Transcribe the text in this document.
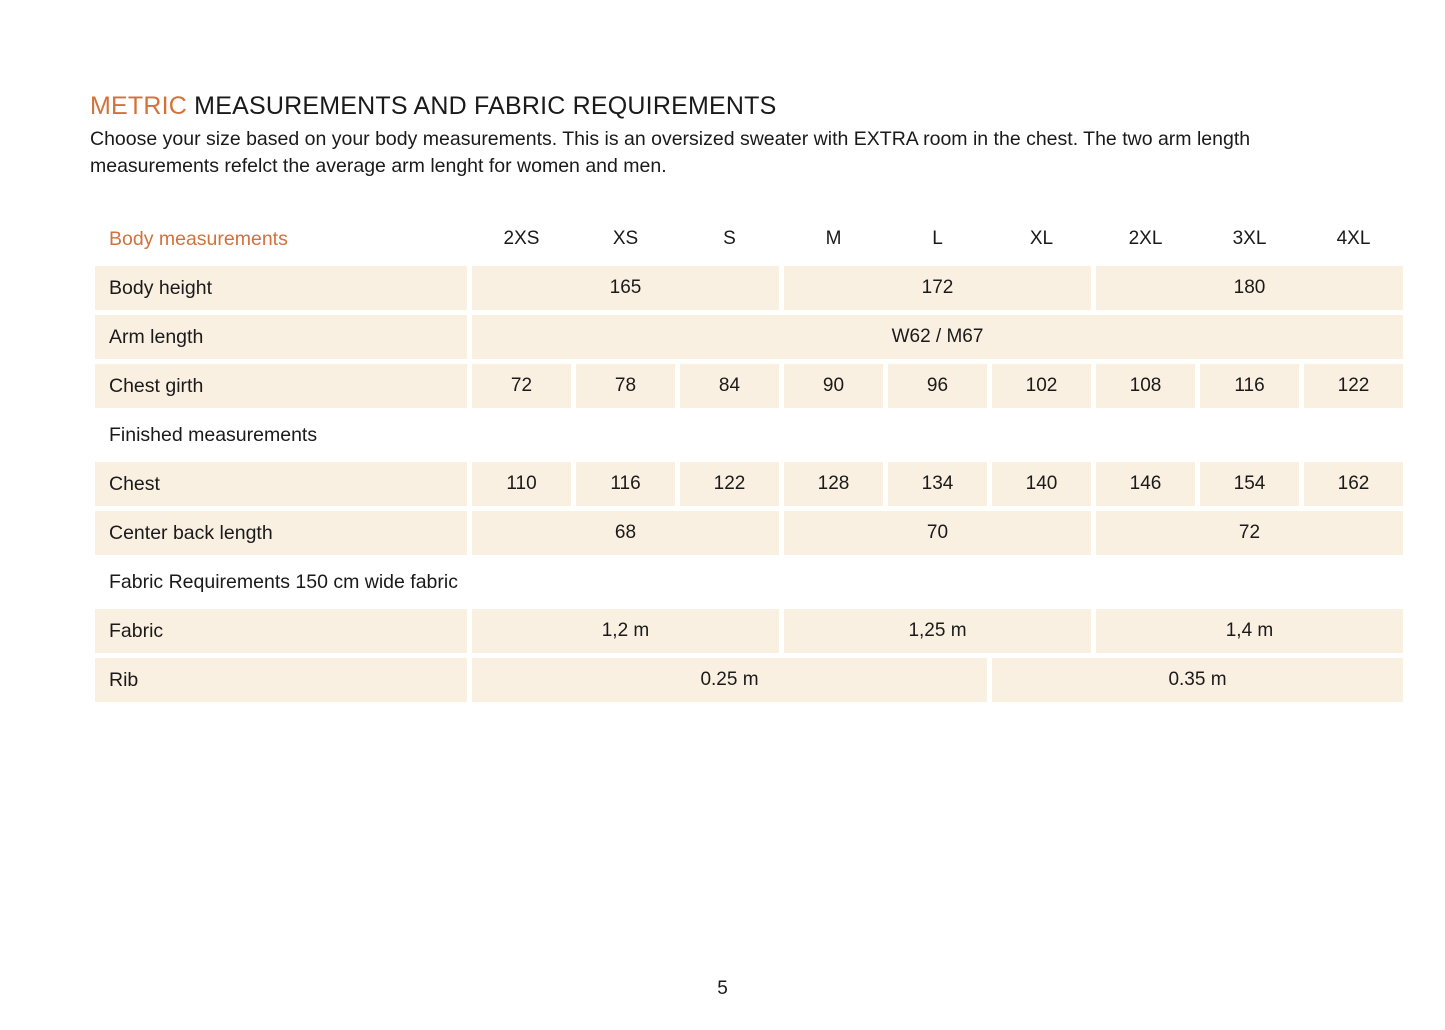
METRIC MEASUREMENTS AND FABRIC REQUIREMENTS
Choose your size based on your body measurements. This is an oversized sweater with EXTRA room in the chest. The two arm length measurements refelct the average arm lenght for women and men.
Body measurements	2XS	XS	S	M	L	XL	2XL	3XL	4XL
Body height	165			172			180		
Arm length	W62 / M67								
Chest girth	72	78	84	90	96	102	108	116	122
Finished measurements									
Chest	110	116	122	128	134	140	146	154	162
Center back length	68			70			72		
Fabric Requirements 150 cm wide fabric									
Fabric	1,2 m			1,25 m			1,4 m		
Rib	0.25 m					0.35 m			
5
